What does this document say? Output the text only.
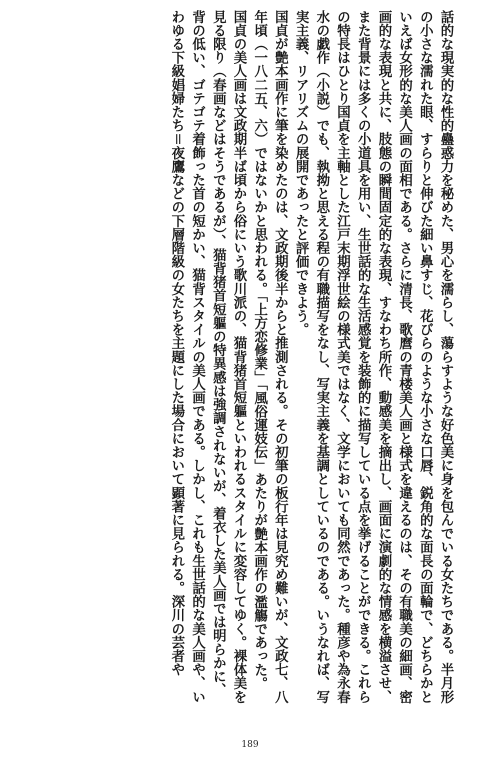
話的な現実的な性的蠱惑力を秘めた、男心を濡らし、蕩らすような好色美に身を包んでいる女たちである。半月形の小さな濡れた眼、すらりと伸びた細い鼻すじ、花びらのような小さな口唇、鋭角的な面長の面輪で、どちらかといえば女形的な美人画の面相である。さらに清長、歌麿の青楼美人画と様式を違えるのは、その有職美の細画、密画的な表現と共に、肢態の瞬間固定的な表現、すなわち所作、動感美を摘出し、画面に演劇的な情感を横溢させ、また背景には多くの小道具を用い、生世話的な生活感覚を装飾的に描写している点を挙げることができる。これらの特長はひとり国貞を主軸とした江戸末期浮世絵の様式美ではなく、文学においても同然であった。種彦や為永春水の戯作（小説）でも、執拗と思える程の有職描写をなし、写実主義を基調としているのである。いうなれば、写実主義、リアリズムの展開であったと評価できよう。

国貞が艶本画作に筆を染めたのは、文政期後半からと推測される。その初筆の板行年は見究め難いが、文政七、八年頃（一八二五、六）ではないかと思われる。「上方恋修業」「風俗運妓伝」あたりが艶本画作の濫觴であった。

国貞の美人画は文政期半ば頃から俗にいう歌川派の、猫背猪首短軀といわれるスタイルに変容してゆく。裸体美を見る限り（春画などはそうであるが）、猫背猪首短軀の特異感は強調されないが、着衣した美人画では明らかに、背の低い、ゴテゴテ着飾った首の短かい、猫背スタイルの美人画である。しかし、これも生世話的な美人画や、いわゆる下級娼婦たち＝夜鷹などの下層階級の女たちを主題にした場合において顕著に見られる。深川の芸者や

189
